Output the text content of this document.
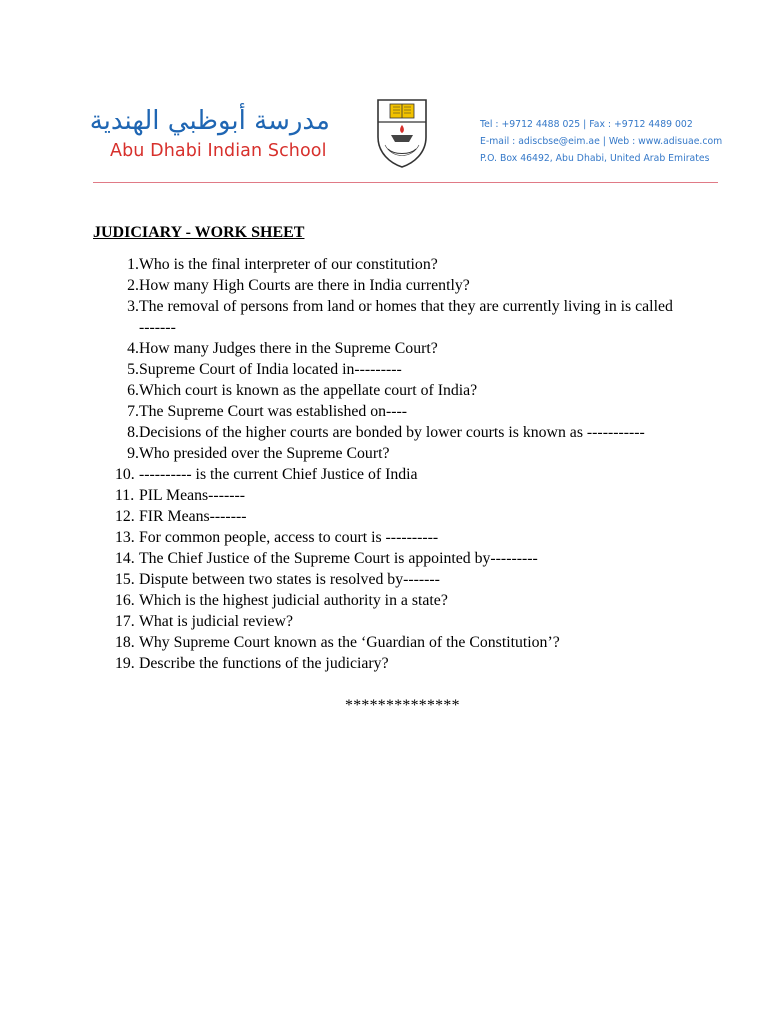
مدرسة أبوظبي الهندية
Abu Dhabi Indian School
Tel : +9712 4488 025 | Fax : +9712 4489 002
E-mail : adiscbse@eim.ae | Web : www.adisuae.com
P.O. Box 46492, Abu Dhabi, United Arab Emirates
JUDICIARY - WORK SHEET
1. Who is the final interpreter of our constitution?
2. How many High Courts are there in India currently?
3. The removal of persons from land or homes that they are currently living in is called -------
4. How many Judges there in the Supreme Court?
5. Supreme Court of India located in---------
6. Which court is known as the appellate court of India?
7. The Supreme Court was established on----
8. Decisions of the higher courts are bonded by lower courts is known as -----------
9. Who presided over the Supreme Court?
10. ---------- is the current Chief Justice of India
11. PIL Means-------
12. FIR Means-------
13. For common people, access to court is ----------
14. The Chief Justice of the Supreme Court is appointed by---------
15. Dispute between two states is resolved by-------
16. Which is the highest judicial authority in a state?
17. What is judicial review?
18. Why Supreme Court known as the ‘Guardian of the Constitution’?
19. Describe the functions of the judiciary?
**************
